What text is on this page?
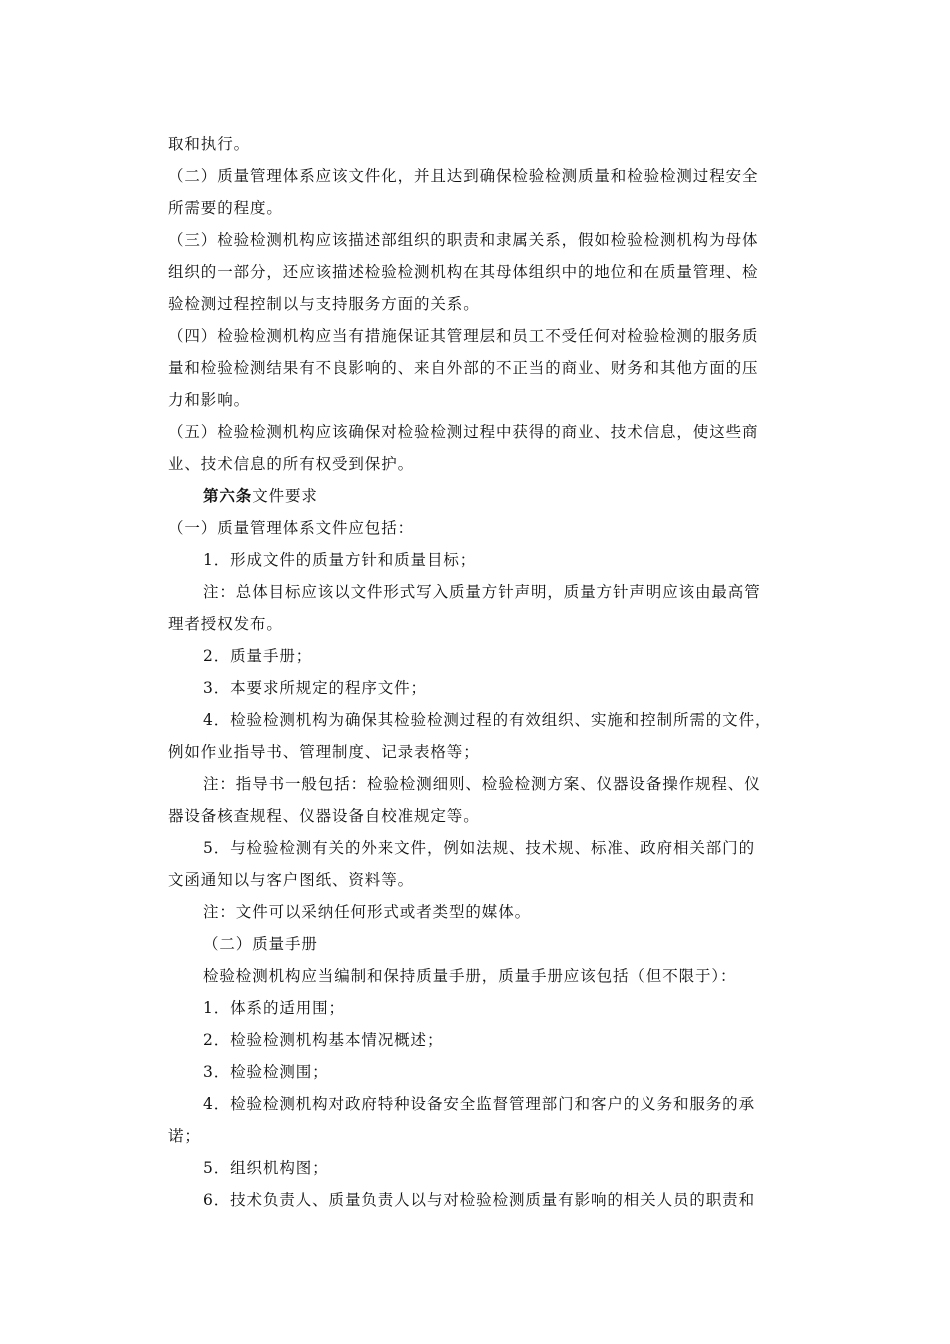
取和执行。
（二）质量管理体系应该文件化，并且达到确保检验检测质量和检验检测过程安全
所需要的程度。
（三）检验检测机构应该描述部组织的职责和隶属关系，假如检验检测机构为母体
组织的一部分，还应该描述检验检测机构在其母体组织中的地位和在质量管理、检
验检测过程控制以与支持服务方面的关系。
（四）检验检测机构应当有措施保证其管理层和员工不受任何对检验检测的服务质
量和检验检测结果有不良影响的、来自外部的不正当的商业、财务和其他方面的压
力和影响。
（五）检验检测机构应该确保对检验检测过程中获得的商业、技术信息，使这些商
业、技术信息的所有权受到保护。
第六条文件要求
（一）质量管理体系文件应包括：
1．形成文件的质量方针和质量目标；
注：总体目标应该以文件形式写入质量方针声明，质量方针声明应该由最高管
理者授权发布。
2．质量手册；
3．本要求所规定的程序文件；
4．检验检测机构为确保其检验检测过程的有效组织、实施和控制所需的文件，
例如作业指导书、管理制度、记录表格等；
注：指导书一般包括：检验检测细则、检验检测方案、仪器设备操作规程、仪
器设备核查规程、仪器设备自校准规定等。
5．与检验检测有关的外来文件，例如法规、技术规、标准、政府相关部门的
文函通知以与客户图纸、资料等。
注：文件可以采纳任何形式或者类型的媒体。
（二）质量手册
检验检测机构应当编制和保持质量手册，质量手册应该包括（但不限于）：
1．体系的适用围；
2．检验检测机构基本情况概述；
3．检验检测围；
4．检验检测机构对政府特种设备安全监督管理部门和客户的义务和服务的承
诺；
5．组织机构图；
6．技术负责人、质量负责人以与对检验检测质量有影响的相关人员的职责和
